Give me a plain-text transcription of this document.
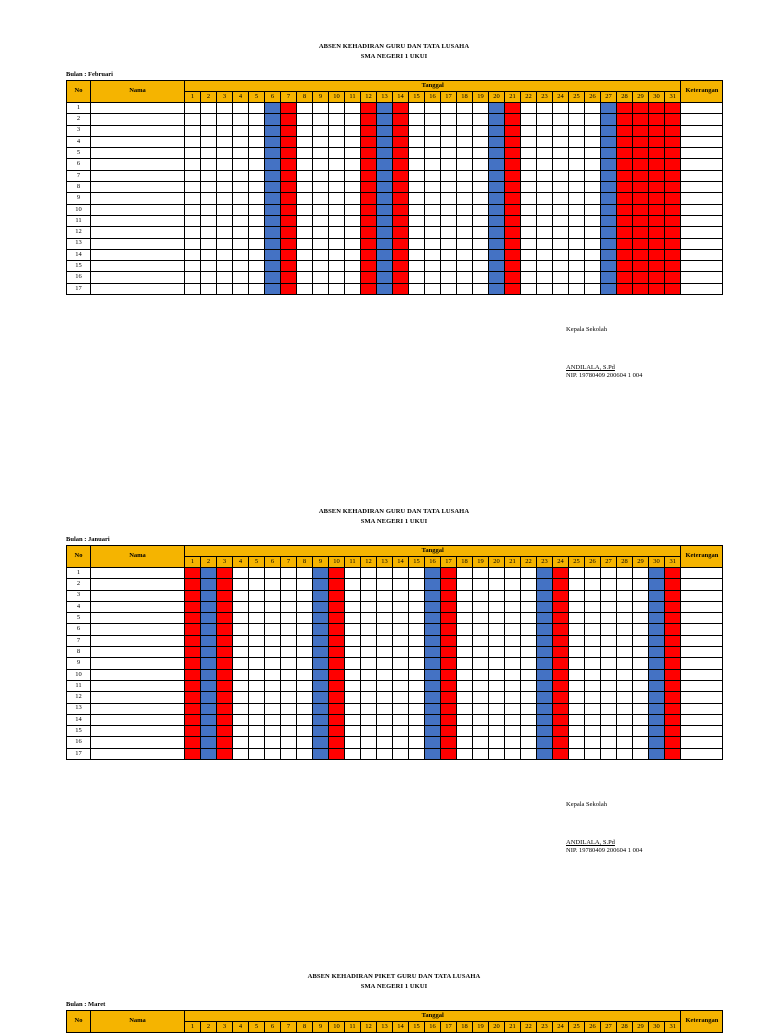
ABSEN KEHADIRAN GURU DAN TATA LUSAHA
SMA NEGERI 1 UKUI
Bulan : Februari
No	Nama	Tanggal																															Keterangan
		1	2	3	4	5	6	7	8	9	10	11	12	13	14	15	16	17	18	19	20	21	22	23	24	25	26	27	28	29	30	31	
1																																	
2																																	
3																																	
4																																	
5																																	
6																																	
7																																	
8																																	
9																																	
10																																	
11																																	
12																																	
13																																	
14																																	
15																																	
16																																	
17																																	
Kepala Sekolah
ANDILALA, S.Pd
NIP. 19780409 200604 1 004
ABSEN KEHADIRAN GURU DAN TATA LUSAHA
SMA NEGERI 1 UKUI
Bulan : Januari
No	Nama	Tanggal																															Keterangan
		1	2	3	4	5	6	7	8	9	10	11	12	13	14	15	16	17	18	19	20	21	22	23	24	25	26	27	28	29	30	31	
1																																	
2																																	
3																																	
4																																	
5																																	
6																																	
7																																	
8																																	
9																																	
10																																	
11																																	
12																																	
13																																	
14																																	
15																																	
16																																	
17																																	
Kepala Sekolah
ANDILALA, S.Pd
NIP. 19780409 200604 1 004
ABSEN KEHADIRAN PIKET GURU DAN TATA LUSAHA
SMA NEGERI 1 UKUI
Bulan : Maret
No	Nama	Tanggal																															Keterangan
		1	2	3	4	5	6	7	8	9	10	11	12	13	14	15	16	17	18	19	20	21	22	23	24	25	26	27	28	29	30	31	
